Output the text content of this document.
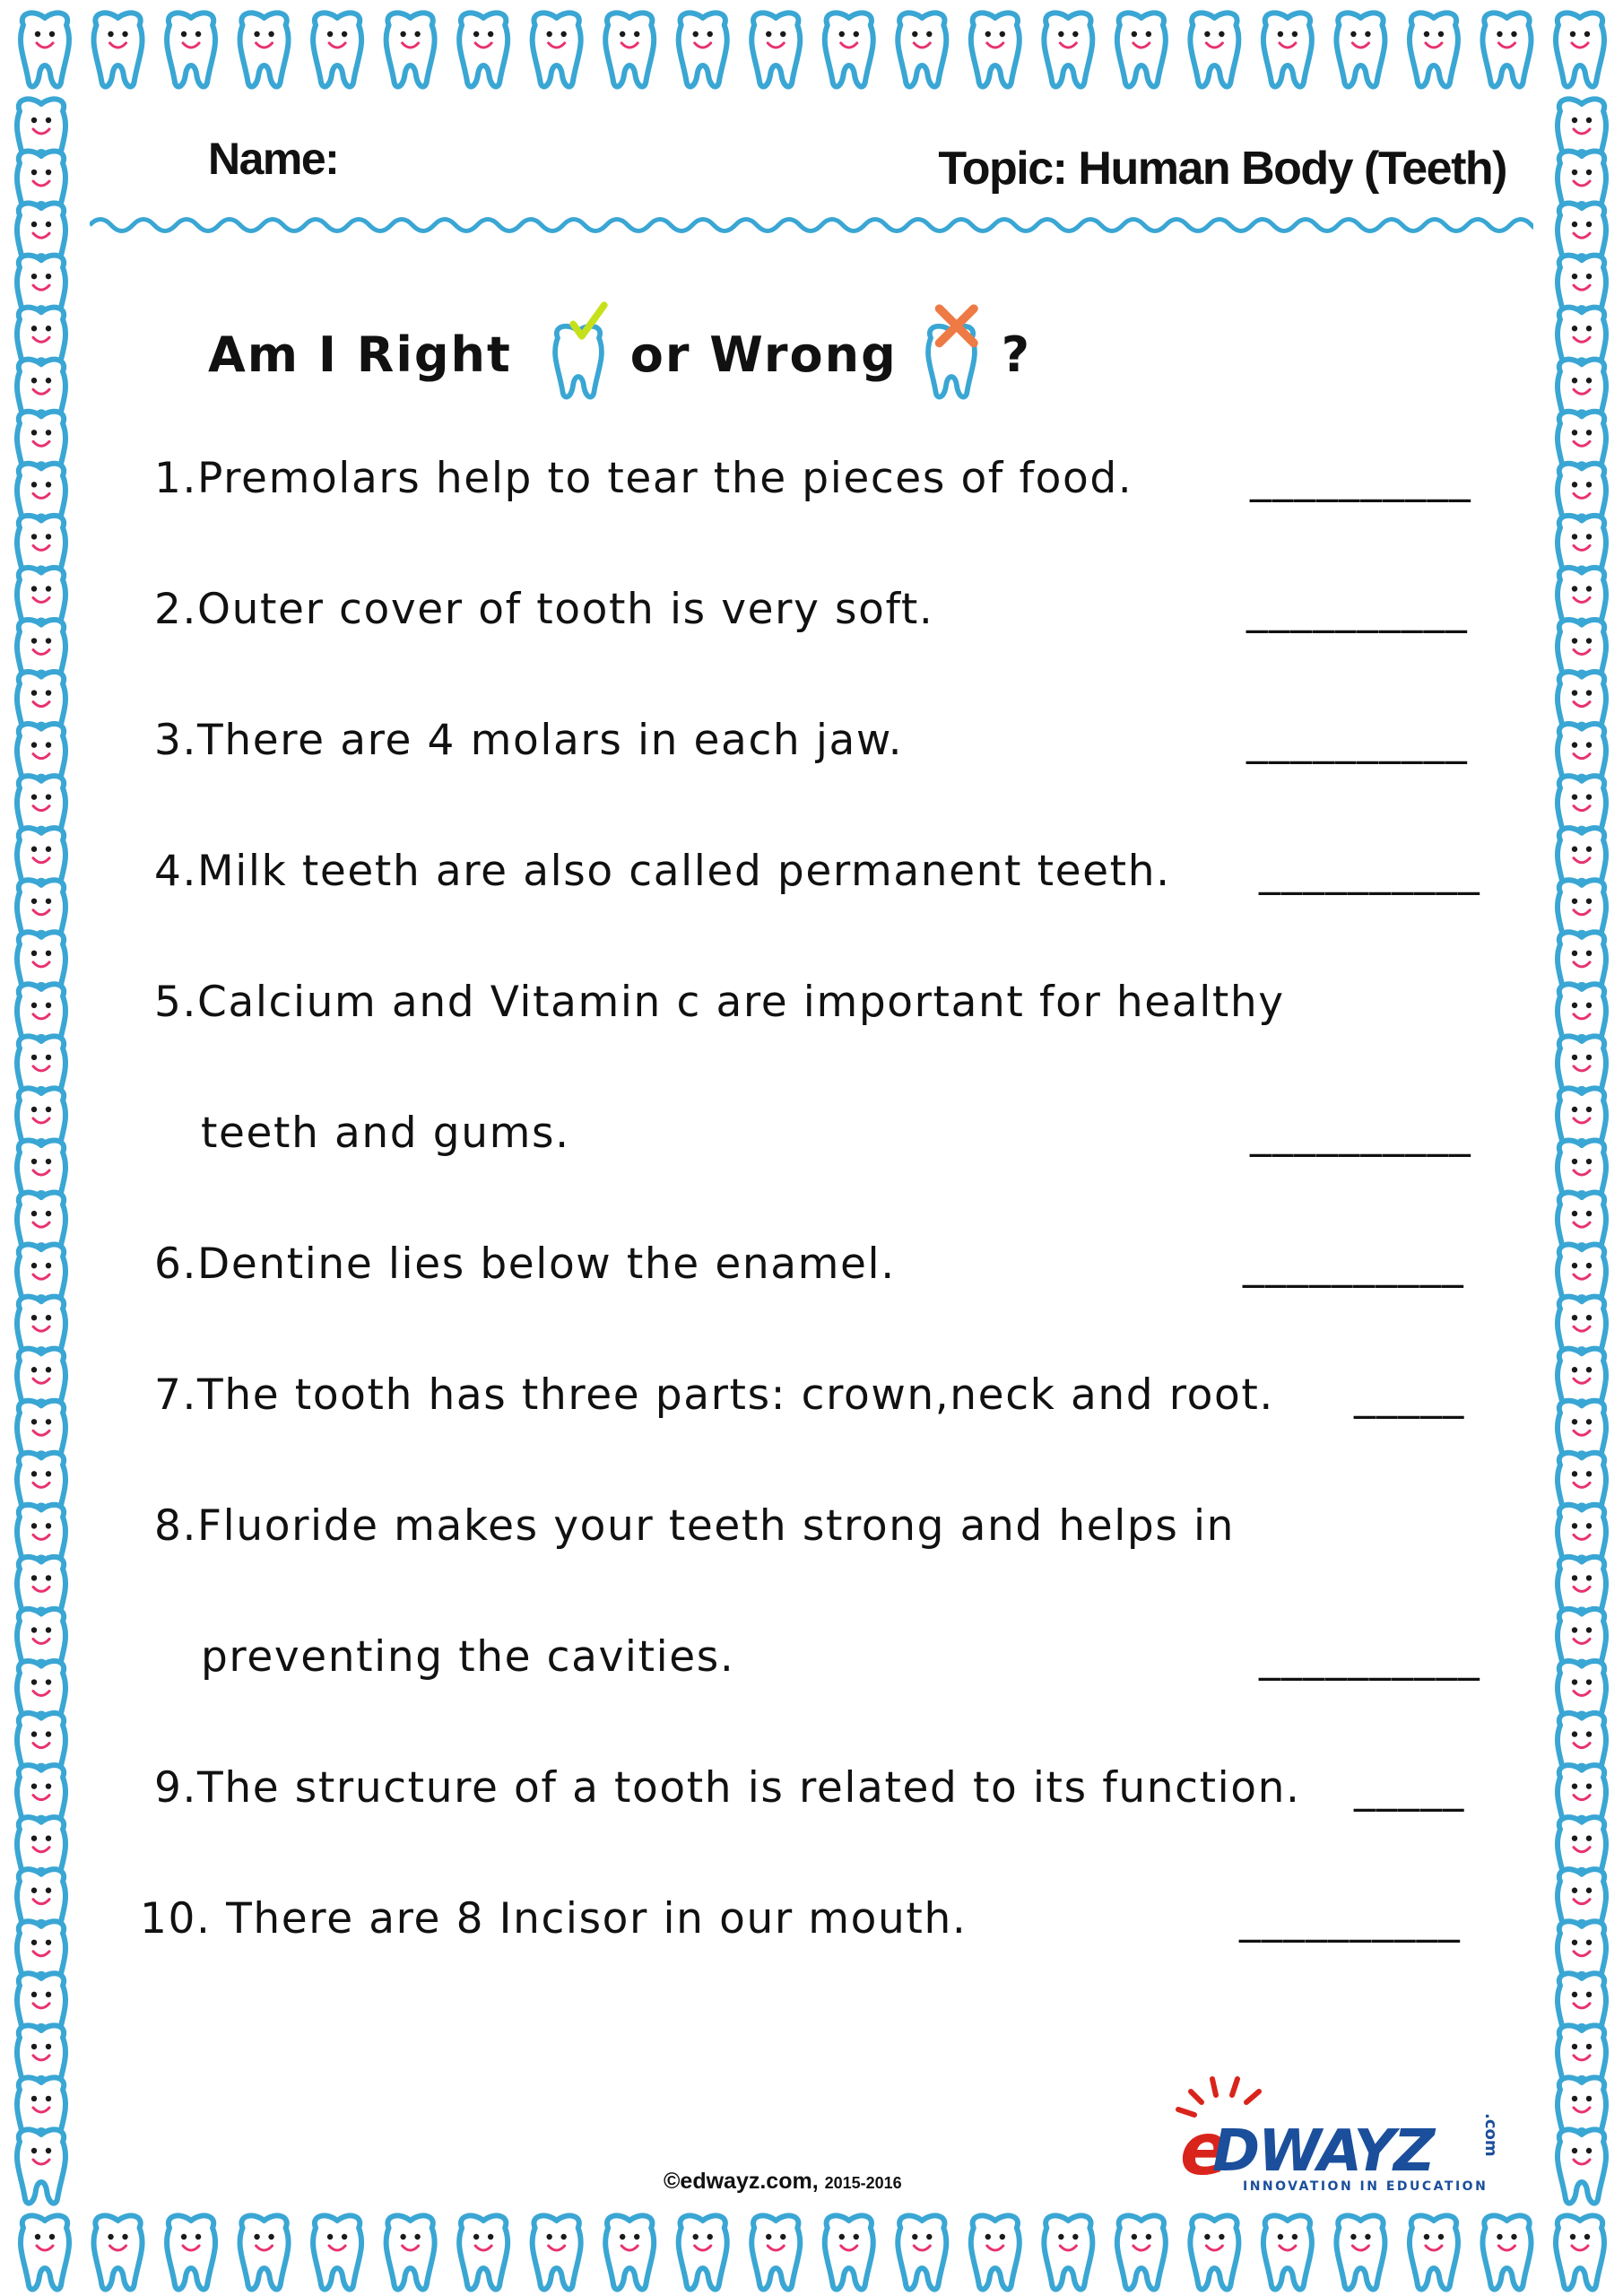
Name:	Topic: Human Body (Teeth)
Am I Right or Wrong ?
1.Premolars help to tear the pieces of food.	__________
2.Outer cover of tooth is very soft.	__________
3.There are 4 molars in each jaw.	__________
4.Milk teeth are also called permanent teeth. __________
5.Calcium and Vitamin c are important for healthy
teeth and gums.	__________
6.Dentine lies below the enamel.	__________
7.The tooth has three parts: crown,neck and root. _____
8.Fluoride makes your teeth strong and helps in
preventing the cavities.	__________
9.The structure of a tooth is related to its function. _____
10. There are 8 Incisor in our mouth.	__________
©edwayz.com, 2015-2016	e
DWAYZ	.com
INNOVATION IN EDUCATION
